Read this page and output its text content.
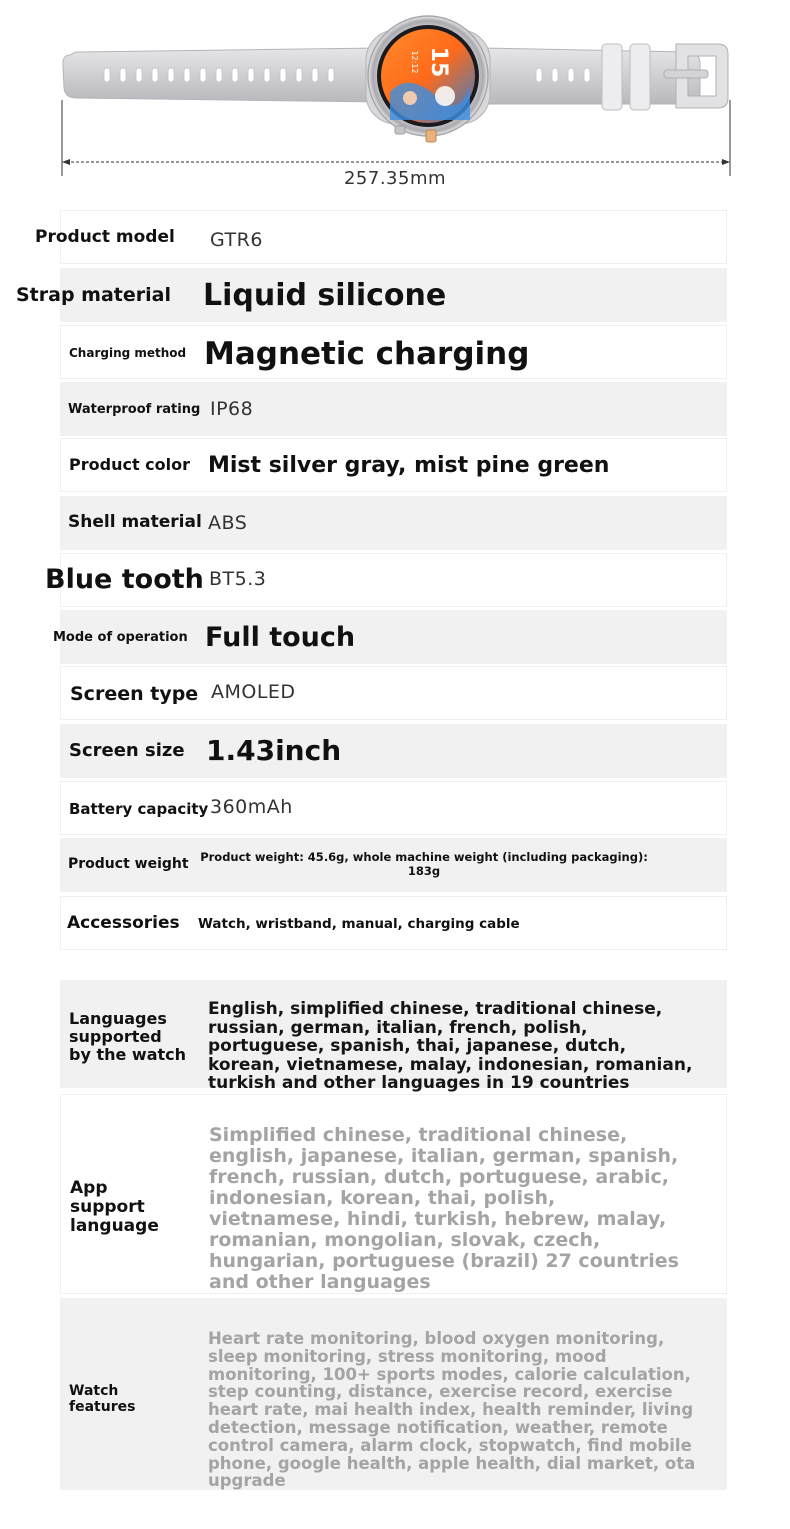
15
12:12
257.35mm
Product model GTR6
Strap material Liquid silicone
Charging method Magnetic charging
Waterproof rating IP68
Product color Mist silver gray, mist pine green
Shell material ABS
Blue tooth BT5.3
Mode of operation Full touch
Screen type AMOLED
Screen size 1.43inch
Battery capacity 360mAh
Product weight	Product weight: 45.6g, whole machine weight (including packaging): 183g
Accessories Watch, wristband, manual, charging cable
Languages supported by the watch
English, simplified chinese, traditional chinese, russian, german, italian, french, polish, portuguese, spanish, thai, japanese, dutch, korean, vietnamese, malay, indonesian, romanian, turkish and other languages in 19 countries
App support language
Simplified chinese, traditional chinese, english, japanese, italian, german, spanish, french, russian, dutch, portuguese, arabic, indonesian, korean, thai, polish, vietnamese, hindi, turkish, hebrew, malay, romanian, mongolian, slovak, czech, hungarian, portuguese (brazil) 27 countries and other languages
Watch features
Heart rate monitoring, blood oxygen monitoring, sleep monitoring, stress monitoring, mood monitoring, 100+ sports modes, calorie calculation, step counting, distance, exercise record, exercise heart rate, mai health index, health reminder, living detection, message notification, weather, remote control camera, alarm clock, stopwatch, find mobile phone, google health, apple health, dial market, ota upgrade
